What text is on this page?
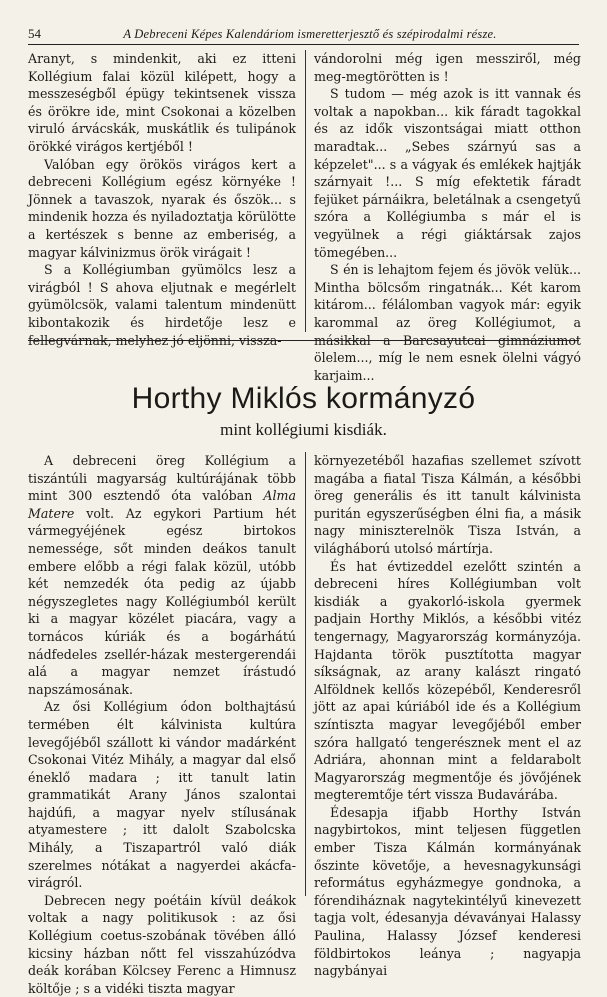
54	A Debreceni Képes Kalendáriom ismeretterjesztő és szépirodalmi része.

Aranyt, s mindenkit, aki ez itteni Kollégium falai közül kilépett, hogy a messzeségből épügy tekintsenek vissza és örökre ide, mint Csokonai a közelben viruló árvácskák, muskátlik és tulipánok örökké virágos kertjéből !

Valóban egy örökös virágos kert a debreceni Kollégium egész környéke ! Jönnek a tavaszok, nyarak és őszök... s mindenik hozza és nyiladoztatja körülötte a kertészek s benne az emberiség, a magyar kálvinizmus örök virágait !

S a Kollégiumban gyümölcs lesz a virágból ! S ahova eljutnak e megérlelt gyümölcsök, valami talentum mindenütt kibontakozik és hirdetője lesz e fellegvárnak, melyhez jó eljönni, vissza-

vándorolni még igen messziről, még meg-megtörötten is !

S tudom — még azok is itt vannak és voltak a napokban... kik fáradt tagokkal és az idők viszontságai miatt otthon maradtak... „Sebes szárnyú sas a képzelet"... s a vágyak és emlékek hajtják szárnyait !... S míg efektetik fáradt fejüket párnáikra, beletálnak a csengetyű szóra a Kollégiumba s már el is vegyülnek a régi giáktársak zajos tömegében...

S én is lehajtom fejem és jövök velük... Mintha bölcsőm ringatnák... Két karom kitárom... félálomban vagyok már: egyik karommal az öreg Kollégiumot, a másikkal a Barcsayutcai gimnáziumot ölelem..., míg le nem esnek ölelni vágyó karjaim...

Horthy Miklós kormányzó
mint kollégiumi kisdiák.

A debreceni öreg Kollégium a tiszántúli magyarság kultúrájának több mint 300 esztendő óta valóban Alma Matere volt. Az egykori Partium hét vármegyéjének egész birtokos nemessége, sőt minden deákos tanult embere előbb a régi falak közül, utóbb két nemzedék óta pedig az újabb négyszegletes nagy Kollégiumból került ki a magyar közélet piacára, vagy a tornácos kúriák és a bogárhátú nádfedeles zsellér-házak mestergerendái alá a magyar nemzet írástudó napszámosának.

Az ősi Kollégium ódon bolthajtású termében élt kálvinista kultúra levegőjéből szállott ki vándor madárként Csokonai Vitéz Mihály, a magyar dal első éneklő madara ; itt tanult latin grammatikát Arany János szalontai hajdúfi, a magyar nyelv stílusának atyamestere ; itt dalolt Szabolcska Mihály, a Tiszapartról való diák szerelmes nótákat a nagyerdei akácfa-virágról.

Debrecen negy poétáin kívül deákok voltak a nagy politikusok : az ősi Kollégium coetus-szobának tövében álló kicsiny házban nőtt fel visszahúzódva deák korában Kölcsey Ferenc a Himnusz költője ; s a vidéki tiszta magyar

környezetéből hazafias szellemet szívott magába a fiatal Tisza Kálmán, a későbbi öreg generális és itt tanult kálvinista puritán egyszerűségben élni fia, a másik nagy miniszterelnök Tisza István, a világháború utolsó mártírja.

És hat évtizeddel ezelőtt szintén a debreceni híres Kollégiumban volt kisdiák a gyakorló-iskola gyermek padjain Horthy Miklós, a későbbi vitéz tengernagy, Magyarország kormányzója. Hajdanta török pusztította magyar síkságnak, az arany kalászt ringató Alföldnek kellős közepéből, Kenderesről jött az apai kúriából ide és a Kollégium színtiszta magyar levegőjéből ember szóra hallgató tengerésznek ment el az Adriára, ahonnan mint a feldarabolt Magyarország megmentője és jövőjének megteremtője tért vissza Budavárába.

Édesapja ifjabb Horthy István nagybirtokos, mint teljesen független ember Tisza Kálmán kormányának őszinte követője, a hevesnagykunsági református egyházmegye gondnoka, a fórendiháznak nagytekintélyű kinevezett tagja volt, édesanyja dévaványai Halassy Paulina, Halassy József kenderesi földbirtokos leánya ; nagyapja nagybányai
